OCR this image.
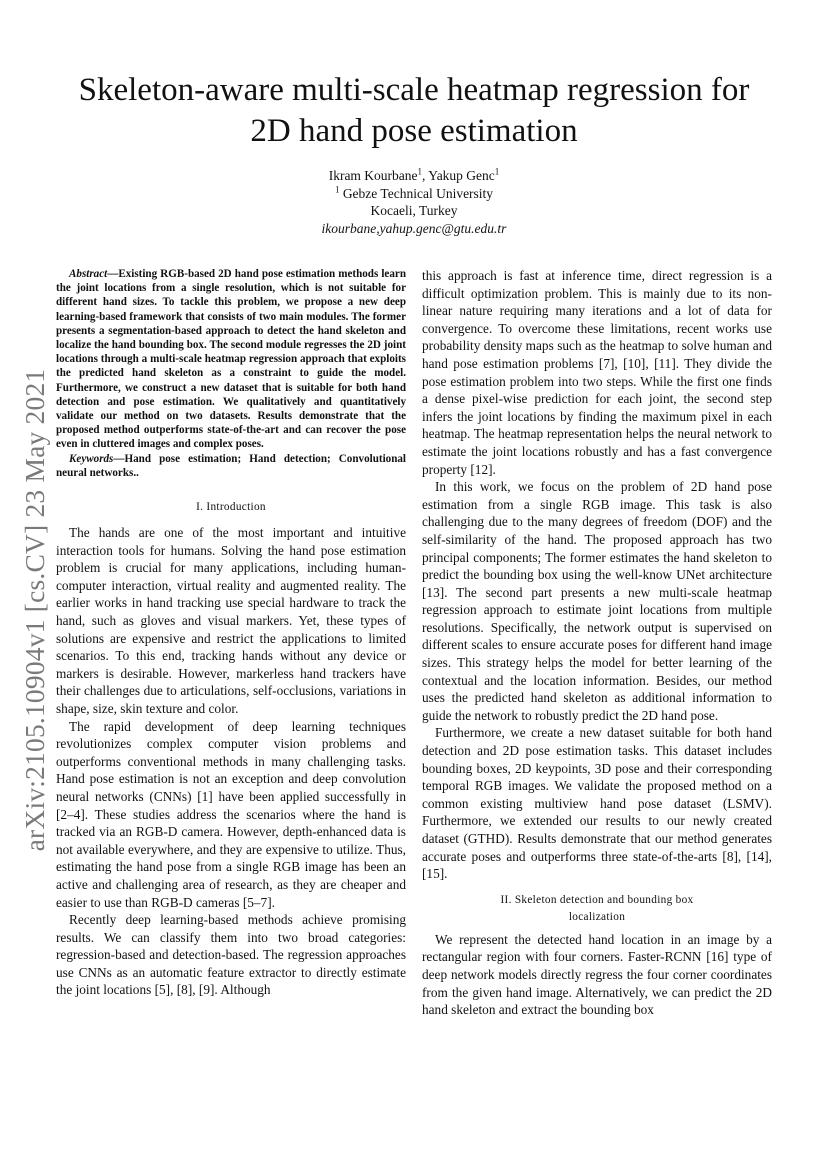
arXiv:2105.10904v1 [cs.CV] 23 May 2021
Skeleton-aware multi-scale heatmap regression for
2D hand pose estimation
Ikram Kourbane$^1$, Yakup Genc$^1$
$^1$ Gebze Technical University
Kocaeli, Turkey
ikourbane,yahup.genc@gtu.edu.tr

Abstract—Existing RGB-based 2D hand pose estimation methods learn the joint locations from a single resolution, which is not suitable for different hand sizes. To tackle this problem, we propose a new deep learning-based framework that consists of two main modules. The former presents a segmentation-based approach to detect the hand skeleton and localize the hand bounding box. The second module regresses the 2D joint locations through a multi-scale heatmap regression approach that exploits the predicted hand skeleton as a constraint to guide the model. Furthermore, we construct a new dataset that is suitable for both hand detection and pose estimation. We qualitatively and quantitatively validate our method on two datasets. Results demonstrate that the proposed method outperforms state-of-the-art and can recover the pose even in cluttered images and complex poses.

Keywords—Hand pose estimation; Hand detection; Convolutional neural networks..

I. Introduction

The hands are one of the most important and intuitive interaction tools for humans. Solving the hand pose estimation problem is crucial for many applications, including human-computer interaction, virtual reality and augmented reality. The earlier works in hand tracking use special hardware to track the hand, such as gloves and visual markers. Yet, these types of solutions are expensive and restrict the applications to limited scenarios. To this end, tracking hands without any device or markers is desirable. However, markerless hand trackers have their challenges due to articulations, self-occlusions, variations in shape, size, skin texture and color.

The rapid development of deep learning techniques revolutionizes complex computer vision problems and outperforms conventional methods in many challenging tasks. Hand pose estimation is not an exception and deep convolution neural networks (CNNs) [1] have been applied successfully in [2–4]. These studies address the scenarios where the hand is tracked via an RGB-D camera. However, depth-enhanced data is not available everywhere, and they are expensive to utilize. Thus, estimating the hand pose from a single RGB image has been an active and challenging area of research, as they are cheaper and easier to use than RGB-D cameras [5–7].

Recently deep learning-based methods achieve promising results. We can classify them into two broad categories: regression-based and detection-based. The regression approaches use CNNs as an automatic feature extractor to directly estimate the joint locations [5], [8], [9]. Although

this approach is fast at inference time, direct regression is a difficult optimization problem. This is mainly due to its non-linear nature requiring many iterations and a lot of data for convergence. To overcome these limitations, recent works use probability density maps such as the heatmap to solve human and hand pose estimation problems [7], [10], [11]. They divide the pose estimation problem into two steps. While the first one finds a dense pixel-wise prediction for each joint, the second step infers the joint locations by finding the maximum pixel in each heatmap. The heatmap representation helps the neural network to estimate the joint locations robustly and has a fast convergence property [12].

In this work, we focus on the problem of 2D hand pose estimation from a single RGB image. This task is also challenging due to the many degrees of freedom (DOF) and the self-similarity of the hand. The proposed approach has two principal components; The former estimates the hand skeleton to predict the bounding box using the well-know UNet architecture [13]. The second part presents a new multi-scale heatmap regression approach to estimate joint locations from multiple resolutions. Specifically, the network output is supervised on different scales to ensure accurate poses for different hand image sizes. This strategy helps the model for better learning of the contextual and the location information. Besides, our method uses the predicted hand skeleton as additional information to guide the network to robustly predict the 2D hand pose.

Furthermore, we create a new dataset suitable for both hand detection and 2D pose estimation tasks. This dataset includes bounding boxes, 2D keypoints, 3D pose and their corresponding temporal RGB images. We validate the proposed method on a common existing multiview hand pose dataset (LSMV). Furthermore, we extended our results to our newly created dataset (GTHD). Results demonstrate that our method generates accurate poses and outperforms three state-of-the-arts [8], [14], [15].

II. Skeleton detection and bounding box
localization

We represent the detected hand location in an image by a rectangular region with four corners. Faster-RCNN [16] type of deep network models directly regress the four corner coordinates from the given hand image. Alternatively, we can predict the 2D hand skeleton and extract the bounding box
